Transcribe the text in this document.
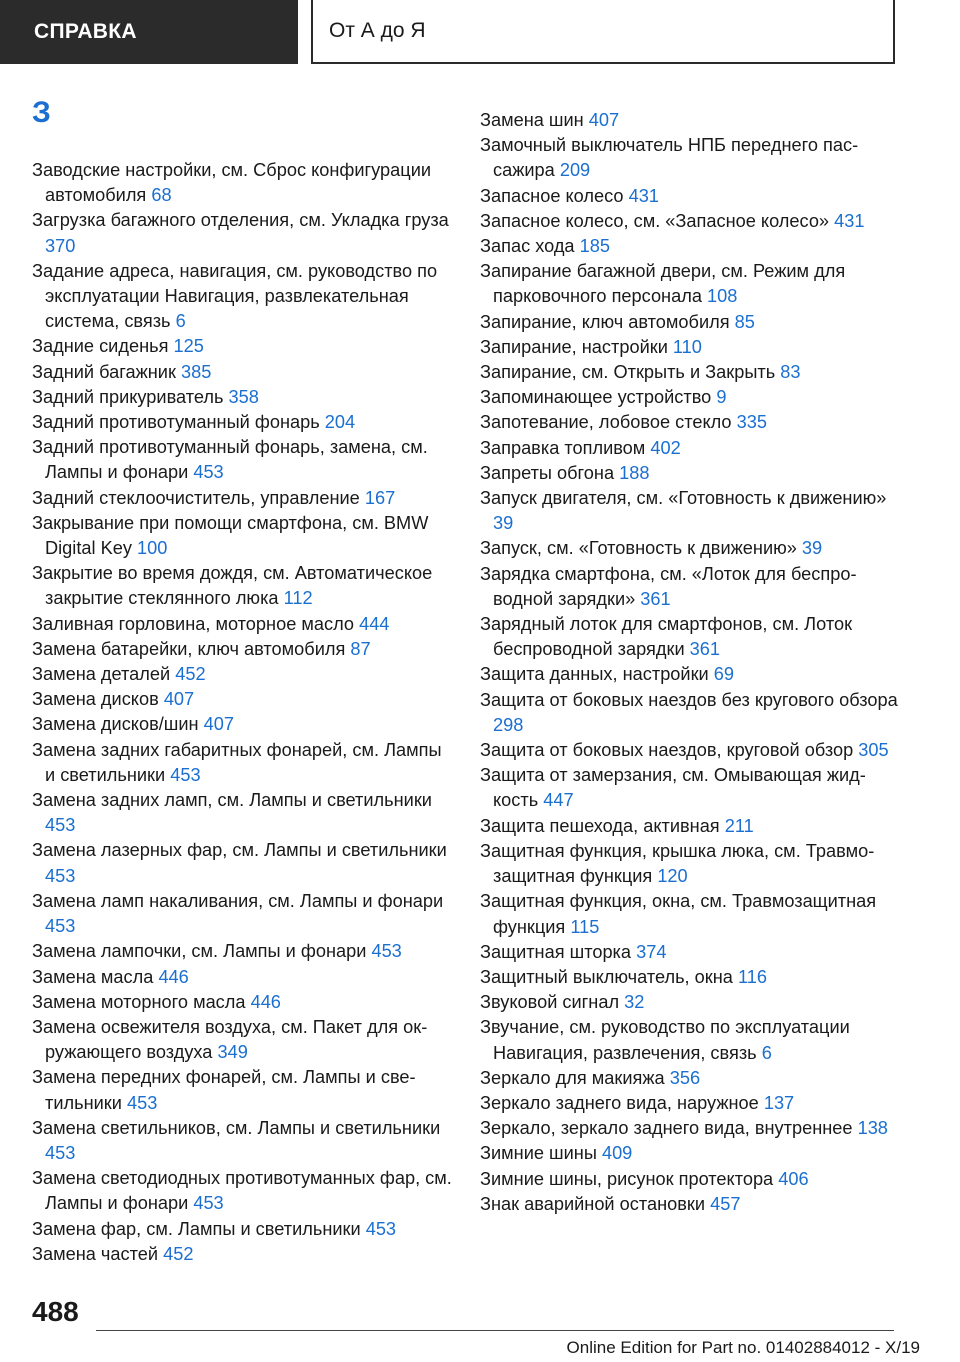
СПРАВКА	От А до Я
З
Заводские настройки, см. Сброс конфигурации автомобиля 68
Загрузка багажного отделения, см. Укладка груза 370
Задание адреса, навигация, см. руководство по эксплуатации Навигация, развлекательная система, связь 6
Задние сиденья 125
Задний багажник 385
Задний прикуриватель 358
Задний противотуманный фонарь 204
Задний противотуманный фонарь, замена, см. Лампы и фонари 453
Задний стеклоочиститель, управление 167
Закрывание при помощи смартфона, см. BMW Digital Key 100
Закрытие во время дождя, см. Автоматическое закрытие стеклянного люка 112
Заливная горловина, моторное масло 444
Замена батарейки, ключ автомобиля 87
Замена деталей 452
Замена дисков 407
Замена дисков/шин 407
Замена задних габаритных фонарей, см. Лампы и светильники 453
Замена задних ламп, см. Лампы и светильники 453
Замена лазерных фар, см. Лампы и светильники 453
Замена ламп накаливания, см. Лампы и фонари 453
Замена лампочки, см. Лампы и фонари 453
Замена масла 446
Замена моторного масла 446
Замена освежителя воздуха, см. Пакет для окружающего воздуха 349
Замена передних фонарей, см. Лампы и светильники 453
Замена светильников, см. Лампы и светильники 453
Замена светодиодных противотуманных фар, см. Лампы и фонари 453
Замена фар, см. Лампы и светильники 453
Замена частей 452
Замена шин 407
Замочный выключатель НПБ переднего пассажира 209
Запасное колесо 431
Запасное колесо, см. «Запасное колесо» 431
Запас хода 185
Запирание багажной двери, см. Режим для парковочного персонала 108
Запирание, ключ автомобиля 85
Запирание, настройки 110
Запирание, см. Открыть и Закрыть 83
Запоминающее устройство 9
Запотевание, лобовое стекло 335
Заправка топливом 402
Запреты обгона 188
Запуск двигателя, см. «Готовность к движению» 39
Запуск, см. «Готовность к движению» 39
Зарядка смартфона, см. «Лоток для беспроводной зарядки» 361
Зарядный лоток для смартфонов, см. Лоток беспроводной зарядки 361
Защита данных, настройки 69
Защита от боковых наездов без кругового обзора 298
Защита от боковых наездов, круговой обзор 305
Защита от замерзания, см. Омывающая жидкость 447
Защита пешехода, активная 211
Защитная функция, крышка люка, см. Травмозащитная функция 120
Защитная функция, окна, см. Травмозащитная функция 115
Защитная шторка 374
Защитный выключатель, окна 116
Звуковой сигнал 32
Звучание, см. руководство по эксплуатации Навигация, развлечения, связь 6
Зеркало для макияжа 356
Зеркало заднего вида, наружное 137
Зеркало, зеркало заднего вида, внутреннее 138
Зимние шины 409
Зимние шины, рисунок протектора 406
Знак аварийной остановки 457
488
Online Edition for Part no. 01402884012 - X/19
